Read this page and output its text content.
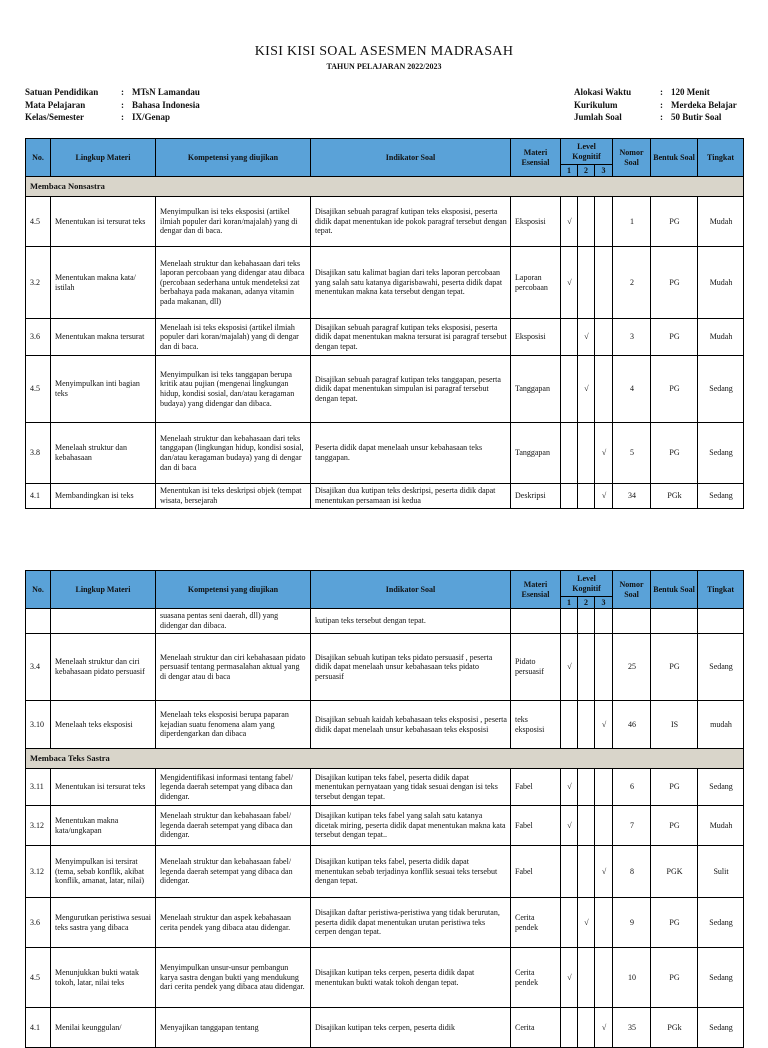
KISI KISI SOAL ASESMEN MADRASAH
TAHUN PELAJARAN 2022/2023
Satuan Pendidikan	: MTsN Lamandau
Mata Pelajaran	: Bahasa Indonesia
Kelas/Semester	: IX/Genap
Alokasi Waktu	: 120 Menit
Kurikulum	: Merdeka Belajar
Jumlah Soal	: 50 Butir Soal
No.	Lingkup Materi	Kompetensi yang diujikan	Indikator Soal	Materi Esensial	Level Kognitif			Nomor Soal	Bentuk Soal	Tingkat
					1	2	3			

Membaca Nonsastra										

4.5	Menentukan isi tersurat teks	Menyimpulkan isi teks eksposisi (artikel ilmiah populer dari koran/majalah) yang di dengar dan di baca.	Disajikan sebuah paragraf kutipan teks eksposisi, peserta didik dapat menentukan ide pokok paragraf tersebut dengan tepat.	Eksposisi	√			1	PG	Mudah

3.2	Menentukan makna kata/ istilah	Menelaah struktur dan kebahasaan dari teks laporan percobaan yang didengar atau dibaca (percobaan sederhana untuk mendeteksi zat berbahaya pada makanan, adanya vitamin pada makanan, dll)	Disajikan satu kalimat bagian dari teks laporan percobaan yang salah satu katanya digarisbawahi, peserta didik dapat menentukan makna kata tersebut dengan tepat.	Laporan percobaan	√			2	PG	Mudah

3.6	Menentukan makna tersurat	Menelaah isi teks eksposisi (artikel ilmiah populer dari koran/majalah) yang di dengar dan di baca.	Disajikan sebuah paragraf kutipan teks eksposisi, peserta didik dapat menentukan makna tersurat isi paragraf tersebut dengan tepat.	Eksposisi		√		3	PG	Mudah

4.5	Menyimpulkan inti bagian teks	Menyimpulkan isi teks tanggapan berupa kritik atau pujian (mengenai lingkungan hidup, kondisi sosial, dan/atau keragaman budaya) yang didengar dan dibaca.	Disajikan sebuah paragraf kutipan teks tanggapan, peserta didik dapat menentukan simpulan isi paragraf tersebut dengan tepat.	Tanggapan		√		4	PG	Sedang

3.8	Menelaah struktur dan kebahasaan	Menelaah struktur dan kebahasaan dari teks tanggapan (lingkungan hidup, kondisi sosial, dan/atau keragaman budaya) yang di dengar dan di baca	Peserta didik dapat menelaah unsur kebahasaan teks tanggapan.	Tanggapan			√	5	PG	Sedang

4.1	Membandingkan isi teks	Menentukan isi teks deskripsi objek (tempat wisata, bersejarah	Disajikan dua kutipan teks deskripsi, peserta didik dapat menentukan persamaan isi kedua	Deskripsi			√	34	PGk	Sedang
No.	Lingkup Materi	Kompetensi yang diujikan	Indikator Soal	Materi Esensial	Level Kognitif			Nomor Soal	Bentuk Soal	Tingkat
					1	2	3			

		suasana pentas seni daerah, dll) yang didengar dan dibaca.	kutipan teks tersebut dengan tepat.							

3.4	Menelaah struktur dan ciri kebahasaan pidato persuasif	Menelaah struktur dan ciri kebahasaan pidato persuasif tentang permasalahan aktual yang di dengar atau di baca	Disajikan sebuah kutipan teks pidato persuasif , peserta didik dapat menelaah unsur kebahasaan teks pidato persuasif	Pidato persuasif	√			25	PG	Sedang

3.10	Menelaah teks eksposisi	Menelaah teks eksposisi berupa paparan kejadian suatu fenomena alam yang diperdengarkan dan dibaca	Disajikan sebuah kaidah kebahasaan teks eksposisi , peserta didik dapat menelaah unsur kebahasaan teks eksposisi	teks eksposisi			√	46	IS	mudah

Membaca Teks Sastra										

3.11	Menentukan isi tersurat teks	Mengidentifikasi informasi tentang fabel/ legenda daerah setempat yang dibaca dan didengar.	Disajikan kutipan teks fabel, peserta didik dapat menentukan pernyataan yang tidak sesuai dengan isi teks tersebut dengan tepat.	Fabel	√			6	PG	Sedang

3.12	Menentukan makna kata/ungkapan	Menelaah struktur dan kebahasaan fabel/ legenda daerah setempat yang dibaca dan didengar.	Disajikan kutipan teks fabel yang salah satu katanya dicetak miring, peserta didik dapat menentukan makna kata tersebut dengan tepat..	Fabel	√			7	PG	Mudah

3.12	Menyimpulkan isi tersirat (tema, sebab konflik, akibat konflik, amanat, latar, nilai)	Menelaah struktur dan kebahasaan fabel/ legenda daerah setempat yang dibaca dan didengar.	Disajikan kutipan teks fabel, peserta didik dapat menentukan sebab terjadinya konflik sesuai teks tersebut dengan tepat.	Fabel			√	8	PGK	Sulit

3.6	Mengurutkan peristiwa sesuai teks sastra yang dibaca	Menelaah struktur dan aspek kebahasaan cerita pendek yang dibaca atau didengar.	Disajikan daftar peristiwa-peristiwa yang tidak berurutan, peserta didik dapat menentukan urutan peristiwa teks cerpen dengan tepat.	Cerita pendek		√		9	PG	Sedang

4.5	Menunjukkan bukti watak tokoh, latar, nilai teks	Menyimpulkan unsur-unsur pembangun karya sastra dengan bukti yang mendukung dari cerita pendek yang dibaca atau didengar.	Disajikan kutipan teks cerpen, peserta didik dapat menentukan bukti watak tokoh dengan tepat.	Cerita pendek	√			10	PG	Sedang

4.1	Menilai keunggulan/	Menyajikan tanggapan tentang	Disajikan kutipan teks cerpen, peserta didik	Cerita			√	35	PGk	Sedang
